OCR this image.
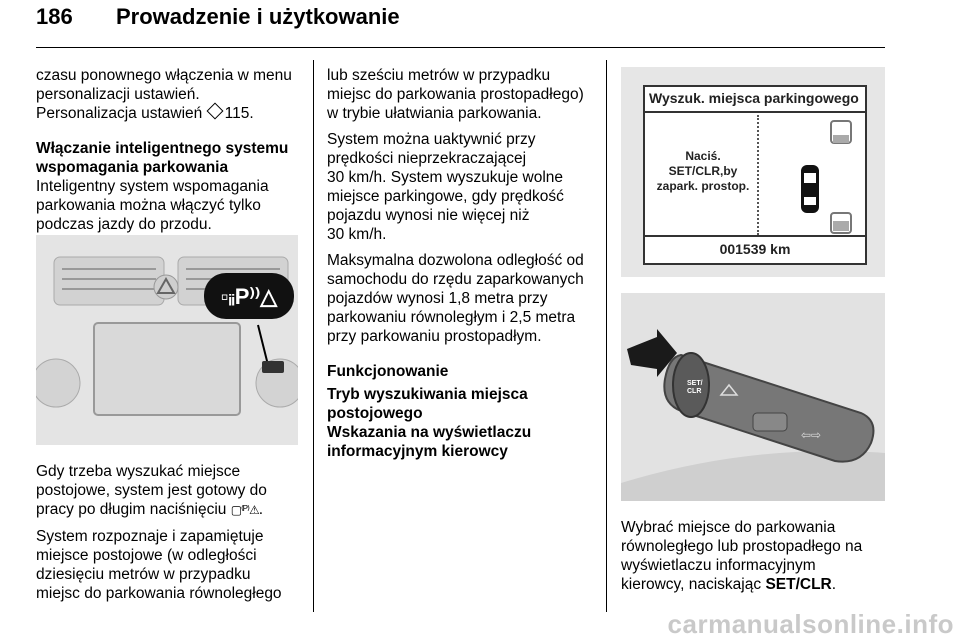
186 Prowadzenie i użytkowanie

czasu ponownego włączenia w menu
personalizacji ustawień.
Personalizacja ustawień 115.

Włączanie inteligentnego systemu
wspomagania parkowania

Inteligentny system wspomagania
parkowania można włączyć tylko
podczas jazdy do przodu.

▫ᵢᵢP⁾⁾△

Gdy trzeba wyszukać miejsce
postojowe, system jest gotowy do
pracy po długim naciśnięciu ▢⁽ᴾ⁾⚠.

System rozpoznaje i zapamiętuje
miejsce postojowe (w odległości
dziesięciu metrów w przypadku
miejsc do parkowania równoległego

lub sześciu metrów w przypadku
miejsc do parkowania prostopadłego)
w trybie ułatwiania parkowania.

System można uaktywnić przy
prędkości nieprzekraczającej
30 km/h. System wyszukuje wolne
miejsce parkingowe, gdy prędkość
pojazdu wynosi nie więcej niż
30 km/h.

Maksymalna dozwolona odległość od
samochodu do rzędu zaparkowanych
pojazdów wynosi 1,8 metra przy
parkowaniu równoległym i 2,5 metra
przy parkowaniu prostopadłym.

Funkcjonowanie

Tryb wyszukiwania miejsca
postojowego
Wskazania na wyświetlaczu
informacyjnym kierowcy

Wyszuk. miejsca parkingowego
Naciś. SET/CLR,by
zapark. prostop.
001539 km
SET/
CLR
⇦⇨

Wybrać miejsce do parkowania
równoległego lub prostopadłego na
wyświetlaczu informacyjnym
kierowcy, naciskając SET/CLR.

carmanualsonline.info
